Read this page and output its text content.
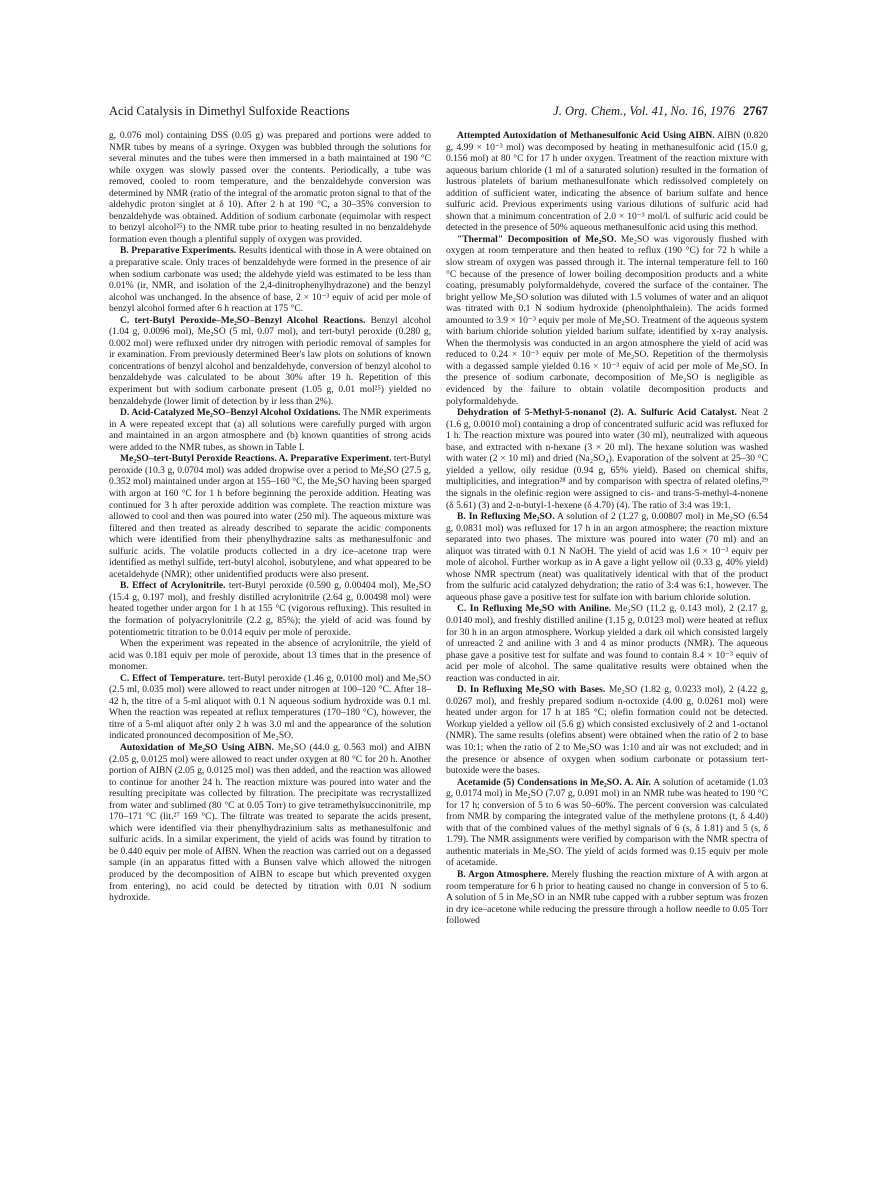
Acid Catalysis in Dimethyl Sulfoxide Reactions	J. Org. Chem., Vol. 41, No. 16, 1976 2767

g, 0.076 mol) containing DSS (0.05 g) was prepared and portions were added to NMR tubes by means of a syringe. Oxygen was bubbled through the solutions for several minutes and the tubes were then immersed in a bath maintained at 190 °C while oxygen was slowly passed over the contents. Periodically, a tube was removed, cooled to room temperature, and the benzaldehyde conversion was determined by NMR (ratio of the integral of the aromatic proton signal to that of the aldehydic proton singlet at δ 10). After 2 h at 190 °C, a 30–35% conversion to benzaldehyde was obtained. Addition of sodium carbonate (equimolar with respect to benzyl alcohol²⁵) to the NMR tube prior to heating resulted in no benzaldehyde formation even though a plentiful supply of oxygen was provided.

B. Preparative Experiments. Results identical with those in A were obtained on a preparative scale. Only traces of benzaldehyde were formed in the presence of air when sodium carbonate was used; the aldehyde yield was estimated to be less than 0.01% (ir, NMR, and isolation of the 2,4-dinitrophenylhydrazone) and the benzyl alcohol was unchanged. In the absence of base, 2 × 10⁻³ equiv of acid per mole of benzyl alcohol formed after 6 h reaction at 175 °C.

C. tert-Butyl Peroxide–Me₂SO–Benzyl Alcohol Reactions. Benzyl alcohol (1.04 g, 0.0096 mol), Me₂SO (5 ml, 0.07 mol), and tert-butyl peroxide (0.280 g, 0.002 mol) were refluxed under dry nitrogen with periodic removal of samples for ir examination. From previously determined Beer's law plots on solutions of known concentrations of benzyl alcohol and benzaldehyde, conversion of benzyl alcohol to benzaldehyde was calculated to be about 30% after 19 h. Repetition of this experiment but with sodium carbonate present (1.05 g, 0.01 mol²⁵) yielded no benzaldehyde (lower limit of detection by ir less than 2%).

D. Acid-Catalyzed Me₂SO–Benzyl Alcohol Oxidations. The NMR experiments in A were repeated except that (a) all solutions were carefully purged with argon and maintained in an argon atmosphere and (b) known quantities of strong acids were added to the NMR tubes, as shown in Table I.

Me₂SO–tert-Butyl Peroxide Reactions. A. Preparative Experiment. tert-Butyl peroxide (10.3 g, 0.0704 mol) was added dropwise over a period to Me₂SO (27.5 g, 0.352 mol) maintained under argon at 155–160 °C, the Me₂SO having been sparged with argon at 160 °C for 1 h before beginning the peroxide addition. Heating was continued for 3 h after peroxide addition was complete. The reaction mixture was allowed to cool and then was poured into water (250 ml). The aqueous mixture was filtered and then treated as already described to separate the acidic components which were identified from their phenylhydrazine salts as methanesulfonic and sulfuric acids. The volatile products collected in a dry ice–acetone trap were identified as methyl sulfide, tert-butyl alcohol, isobutylene, and what appeared to be acetaldehyde (NMR); other unidentified products were also present.

B. Effect of Acrylonitrile. tert-Butyl peroxide (0.590 g, 0.00404 mol), Me₂SO (15.4 g, 0.197 mol), and freshly distilled acrylonitrile (2.64 g, 0.00498 mol) were heated together under argon for 1 h at 155 °C (vigorous refluxing). This resulted in the formation of polyacrylonitrile (2.2 g, 85%); the yield of acid was found by potentiometric titration to be 0.014 equiv per mole of peroxide.

When the experiment was repeated in the absence of acrylonitrile, the yield of acid was 0.181 equiv per mole of peroxide, about 13 times that in the presence of monomer.

C. Effect of Temperature. tert-Butyl peroxide (1.46 g, 0.0100 mol) and Me₂SO (2.5 ml, 0.035 mol) were allowed to react under nitrogen at 100–120 °C. After 18–42 h, the titre of a 5-ml aliquot with 0.1 N aqueous sodium hydroxide was 0.1 ml. When the reaction was repeated at reflux temperatures (170–180 °C), however, the titre of a 5-ml aliquot after only 2 h was 3.0 ml and the appearance of the solution indicated pronounced decomposition of Me₂SO.

Autoxidation of Me₂SO Using AIBN. Me₂SO (44.0 g, 0.563 mol) and AIBN (2.05 g, 0.0125 mol) were allowed to react under oxygen at 80 °C for 20 h. Another portion of AIBN (2.05 g, 0.0125 mol) was then added, and the reaction was allowed to continue for another 24 h. The reaction mixture was poured into water and the resulting precipitate was collected by filtration. The precipitate was recrystallized from water and sublimed (80 °C at 0.05 Torr) to give tetramethylsuccinonitrile, mp 170–171 °C (lit.²⁷ 169 °C). The filtrate was treated to separate the acids present, which were identified via their phenylhydrazinium salts as methanesulfonic and sulfuric acids. In a similar experiment, the yield of acids was found by titration to be 0.440 equiv per mole of AIBN. When the reaction was carried out on a degassed sample (in an apparatus fitted with a Bunsen valve which allowed the nitrogen produced by the decomposition of AIBN to escape but which prevented oxygen from entering), no acid could be detected by titration with 0.01 N sodium hydroxide.

Attempted Autoxidation of Methanesulfonic Acid Using AIBN. AIBN (0.820 g, 4.99 × 10⁻³ mol) was decomposed by heating in methanesulfonic acid (15.0 g, 0.156 mol) at 80 °C for 17 h under oxygen. Treatment of the reaction mixture with aqueous barium chloride (1 ml of a saturated solution) resulted in the formation of lustrous platelets of barium methanesulfonate which redissolved completely on addition of sufficient water, indicating the absence of barium sulfate and hence sulfuric acid. Previous experiments using various dilutions of sulfuric acid had shown that a minimum concentration of 2.0 × 10⁻³ mol/l. of sulfuric acid could be detected in the presence of 50% aqueous methanesulfonic acid using this method.

"Thermal" Decomposition of Me₂SO. Me₂SO was vigorously flushed with oxygen at room temperature and then heated to reflux (190 °C) for 72 h while a slow stream of oxygen was passed through it. The internal temperature fell to 160 °C because of the presence of lower boiling decomposition products and a white coating, presumably polyformaldehyde, covered the surface of the container. The bright yellow Me₂SO solution was diluted with 1.5 volumes of water and an aliquot was titrated with 0.1 N sodium hydroxide (phenolphthalein). The acids formed amounted to 3.9 × 10⁻³ equiv per mole of Me₂SO. Treatment of the aqueous system with barium chloride solution yielded barium sulfate, identified by x-ray analysis. When the thermolysis was conducted in an argon atmosphere the yield of acid was reduced to 0.24 × 10⁻³ equiv per mole of Me₂SO. Repetition of the thermolysis with a degassed sample yielded 0.16 × 10⁻³ equiv of acid per mole of Me₂SO. In the presence of sodium carbonate, decomposition of Me₂SO is negligible as evidenced by the failure to obtain volatile decomposition products and polyformaldehyde.

Dehydration of 5-Methyl-5-nonanol (2). A. Sulfuric Acid Catalyst. Neat 2 (1.6 g, 0.0010 mol) containing a drop of concentrated sulfuric acid was refluxed for 1 h. The reaction mixture was poured into water (30 ml), neutralized with aqueous base, and extracted with n-hexane (3 × 20 ml). The hexane solution was washed with water (2 × 10 ml) and dried (Na₂SO₄). Evaporation of the solvent at 25–30 °C yielded a yellow, oily residue (0.94 g, 65% yield). Based on chemical shifts, multiplicities, and integration²⁸ and by comparison with spectra of related olefins,²⁹ the signals in the olefinic region were assigned to cis- and trans-5-methyl-4-nonene (δ 5.61) (3) and 2-n-butyl-1-hexene (δ 4.70) (4). The ratio of 3:4 was 19:1.

B. In Refluxing Me₂SO. A solution of 2 (1.27 g, 0.00807 mol) in Me₂SO (6.54 g, 0.0831 mol) was refluxed for 17 h in an argon atmosphere; the reaction mixture separated into two phases. The mixture was poured into water (70 ml) and an aliquot was titrated with 0.1 N NaOH. The yield of acid was 1.6 × 10⁻³ equiv per mole of alcohol. Further workup as in A gave a light yellow oil (0.33 g, 40% yield) whose NMR spectrum (neat) was qualitatively identical with that of the product from the sulfuric acid catalyzed dehydration; the ratio of 3:4 was 6:1, however. The aqueous phase gave a positive test for sulfate ion with barium chloride solution.

C. In Refluxing Me₂SO with Aniline. Me₂SO (11.2 g, 0.143 mol), 2 (2.17 g, 0.0140 mol), and freshly distilled aniline (1.15 g, 0.0123 mol) were heated at reflux for 30 h in an argon atmosphere. Workup yielded a dark oil which consisted largely of unreacted 2 and aniline with 3 and 4 as minor products (NMR). The aqueous phase gave a positive test for sulfate and was found to contain 8.4 × 10⁻³ equiv of acid per mole of alcohol. The same qualitative results were obtained when the reaction was conducted in air.

D. In Refluxing Me₂SO with Bases. Me₂SO (1.82 g, 0.0233 mol), 2 (4.22 g, 0.0267 mol), and freshly prepared sodium n-octoxide (4.00 g, 0.0261 mol) were heated under argon for 17 h at 185 °C; olefin formation could not be detected. Workup yielded a yellow oil (5.6 g) which consisted exclusively of 2 and 1-octanol (NMR). The same results (olefins absent) were obtained when the ratio of 2 to base was 10:1; when the ratio of 2 to Me₂SO was 1:10 and air was not excluded; and in the presence or absence of oxygen when sodium carbonate or potassium tert-butoxide were the bases.

Acetamide (5) Condensations in Me₂SO. A. Air. A solution of acetamide (1.03 g, 0.0174 mol) in Me₂SO (7.07 g, 0.091 mol) in an NMR tube was heated to 190 °C for 17 h; conversion of 5 to 6 was 50–60%. The percent conversion was calculated from NMR by comparing the integrated value of the methylene protons (t, δ 4.40) with that of the combined values of the methyl signals of 6 (s, δ 1.81) and 5 (s, δ 1.79). The NMR assignments were verified by comparison with the NMR spectra of authentic materials in Me₂SO. The yield of acids formed was 0.15 equiv per mole of acetamide.

B. Argon Atmosphere. Merely flushing the reaction mixture of A with argon at room temperature for 6 h prior to heating caused no change in conversion of 5 to 6. A solution of 5 in Me₂SO in an NMR tube capped with a rubber septum was frozen in dry ice–acetone while reducing the pressure through a hollow needle to 0.05 Torr followed
